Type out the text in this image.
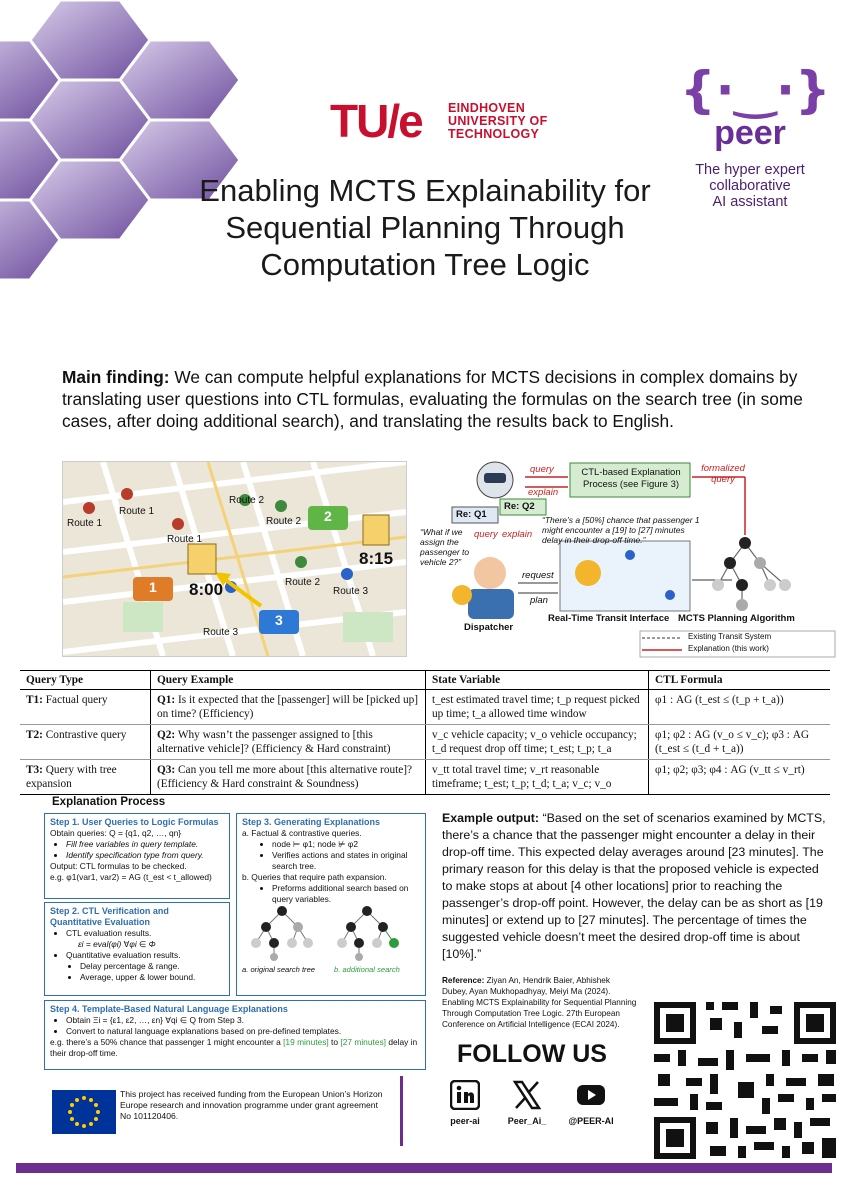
TU/e EINDHOVEN
UNIVERSITY OF
TECHNOLOGY
{·‿·}
peer
The hyper expert
collaborative
AI assistant
Enabling MCTS Explainability for
Sequential Planning Through
Computation Tree Logic
Main finding: We can compute helpful explanations for MCTS decisions in complex domains by translating user questions into CTL formulas, evaluating the formulas on the search tree (in some cases, after doing additional search), and translating the results back to English.
Route 1
Route 1
Route 1
Route 2
Route 2
Route 2
Route 3
Route 3
8:00
8:15
1
2
3
query
explain
CTL-based Explanation Process (see Figure 3)
formalized query
Re: Q1
Re: Q2
“There’s a [50%] chance that passenger 1 might encounter a [19] to [27] minutes delay in their drop-off time.”
“What if we assign the passenger to vehicle 2?”
query explain
request
plan
Dispatcher
Real-Time Transit Interface MCTS Planning Algorithm
Existing Transit System
Explanation (this work)
Query Type	Query Example	State Variable	CTL Formula
T1: Factual query	Q1: Is it expected that the [passenger] will be [picked up] on time? (Efficiency)	t_est estimated travel time; t_p request picked up time; t_a allowed time window	φ1 : AG (t_est ≤ (t_p + t_a))
T2: Contrastive query	Q2: Why wasn’t the passenger assigned to [this alternative vehicle]? (Efficiency & Hard constraint)	v_c vehicle capacity; v_o vehicle occupancy; t_d request drop off time; t_est; t_p; t_a	φ1; φ2 : AG (v_o ≤ v_c); φ3 : AG (t_est ≤ (t_d + t_a))
T3: Query with tree expansion	Q3: Can you tell me more about [this alternative route]? (Efficiency & Hard constraint & Soundness)	v_tt total travel time; v_rt reasonable timeframe; t_est; t_p; t_d; t_a; v_c; v_o	φ1; φ2; φ3; φ4 : AG (v_tt ≤ v_rt)
Explanation Process
Step 1. User Queries to Logic Formulas
Obtain queries: Q = {q1, q2, …, qn}
• Fill free variables in query template.
• Identify specification type from query.
Output: CTL formulas to be checked.
e.g. φ1(var1, var2) = AG (t_est < t_allowed)
Step 2. CTL Verification and
Quantitative Evaluation
• CTL evaluation results.
εi = eval(φi) ∀φi ∈ Φ
• Quantitative evaluation results.
• Delay percentage & range.
• Average, upper & lower bound.
Step 3. Generating Explanations
a. Factual & contrastive queries.
• node ⊨ φ1; node ⊭ φ2
• Verifies actions and states in original search tree.
b. Queries that require path expansion.
• Preforms additional search based on query variables.
a. original search tree b. additional search
Step 4. Template-Based Natural Language Explanations
• Obtain Ξi = {ε1, ε2, …, εn} ∀qi ∈ Q from Step 3.
• Convert to natural language explanations based on pre-defined templates.
e.g. there’s a 50% chance that passenger 1 might encounter a [19 minutes] to [27 minutes] delay in their drop-off time.
Example output: “Based on the set of scenarios examined by MCTS, there’s a chance that the passenger might encounter a delay in their drop-off time. This expected delay averages around [23 minutes]. The primary reason for this delay is that the proposed vehicle is expected to make stops at about [4 other locations] prior to reaching the passenger’s drop-off point. However, the delay can be as short as [19 minutes] or extend up to [27 minutes]. The percentage of times the suggested vehicle doesn’t meet the desired drop-off time is about [10%].”
Reference: Ziyan An, Hendrik Baier, Abhishek Dubey, Ayan Mukhopadhyay, Meiyi Ma (2024). Enabling MCTS Explainability for Sequential Planning Through Computation Tree Logic. 27th European Conference on Artificial Intelligence (ECAI 2024).
FOLLOW US
peer-ai	Peer_Ai_	@PEER-AI
This project has received funding from the European Union’s Horizon Europe research and innovation programme under grant agreement No 101120406.
